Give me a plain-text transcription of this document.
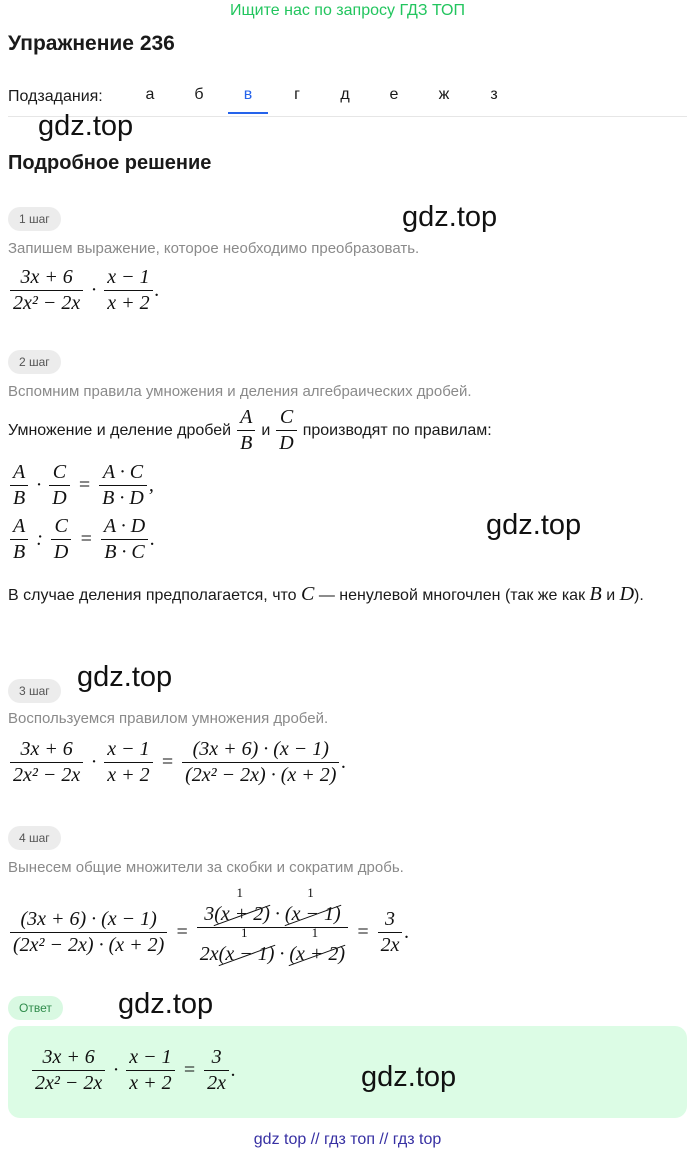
Ищите нас по запросу ГДЗ ТОП
Упражнение 236
Подзадания:	а	б	в	г	д	е	ж	з
gdz.top
Подробное решение
1 шаг	gdz.top
Запишем выражение, которое необходимо преобразовать.
$\frac{3x + 6}{\text{2x² − 2x}} \cdot \frac{x - 1}{x + 2}$ .
2 шаг
Вспомним правила умножения и деления алгебраических дробей.
Умножение и деление дробей $\frac{A}{B}$ и $\frac{C}{D}$ производят по правилам:
$\frac{A}{B} \cdot \frac{C}{D} = \frac{A \cdot C}{B \cdot D}$ ,
$\frac{A}{B}$ : $\frac{C}{D} = \frac{A \cdot D}{B \cdot C}$ .	gdz.top
В случае деления предполагается, что C — ненулевой многочлен (так же как B и D).
3 шаг gdz.top
Воспользуемся правилом умножения дробей.
$\frac{3x + 6}{\text{2x² − 2x}} \cdot \frac{x - 1}{x + 2} = \frac{(3x + 6) \cdot (x - 1)}{\text{(2x² − 2x) · (x + 2)}}$ .
4 шаг
Вынесем общие множители за скобки и сократим дробь.
$\frac{(3x + 6) \cdot (x - 1)}{\text{(2x² − 2x) · (x + 2)}} = 3$
1
(x + 2) ·
1
(x − 1)
2x
1
(x − 1) ·
1
$(x + 2) = \frac{3}{2x}$ .
Ответ	gdz.top
$\frac{3x + 6}{\text{2x² − 2x}} \cdot \frac{x - 1}{x + 2} = \frac{3}{2x}$ .	gdz.top
gdz top // гдз топ // гдз top
